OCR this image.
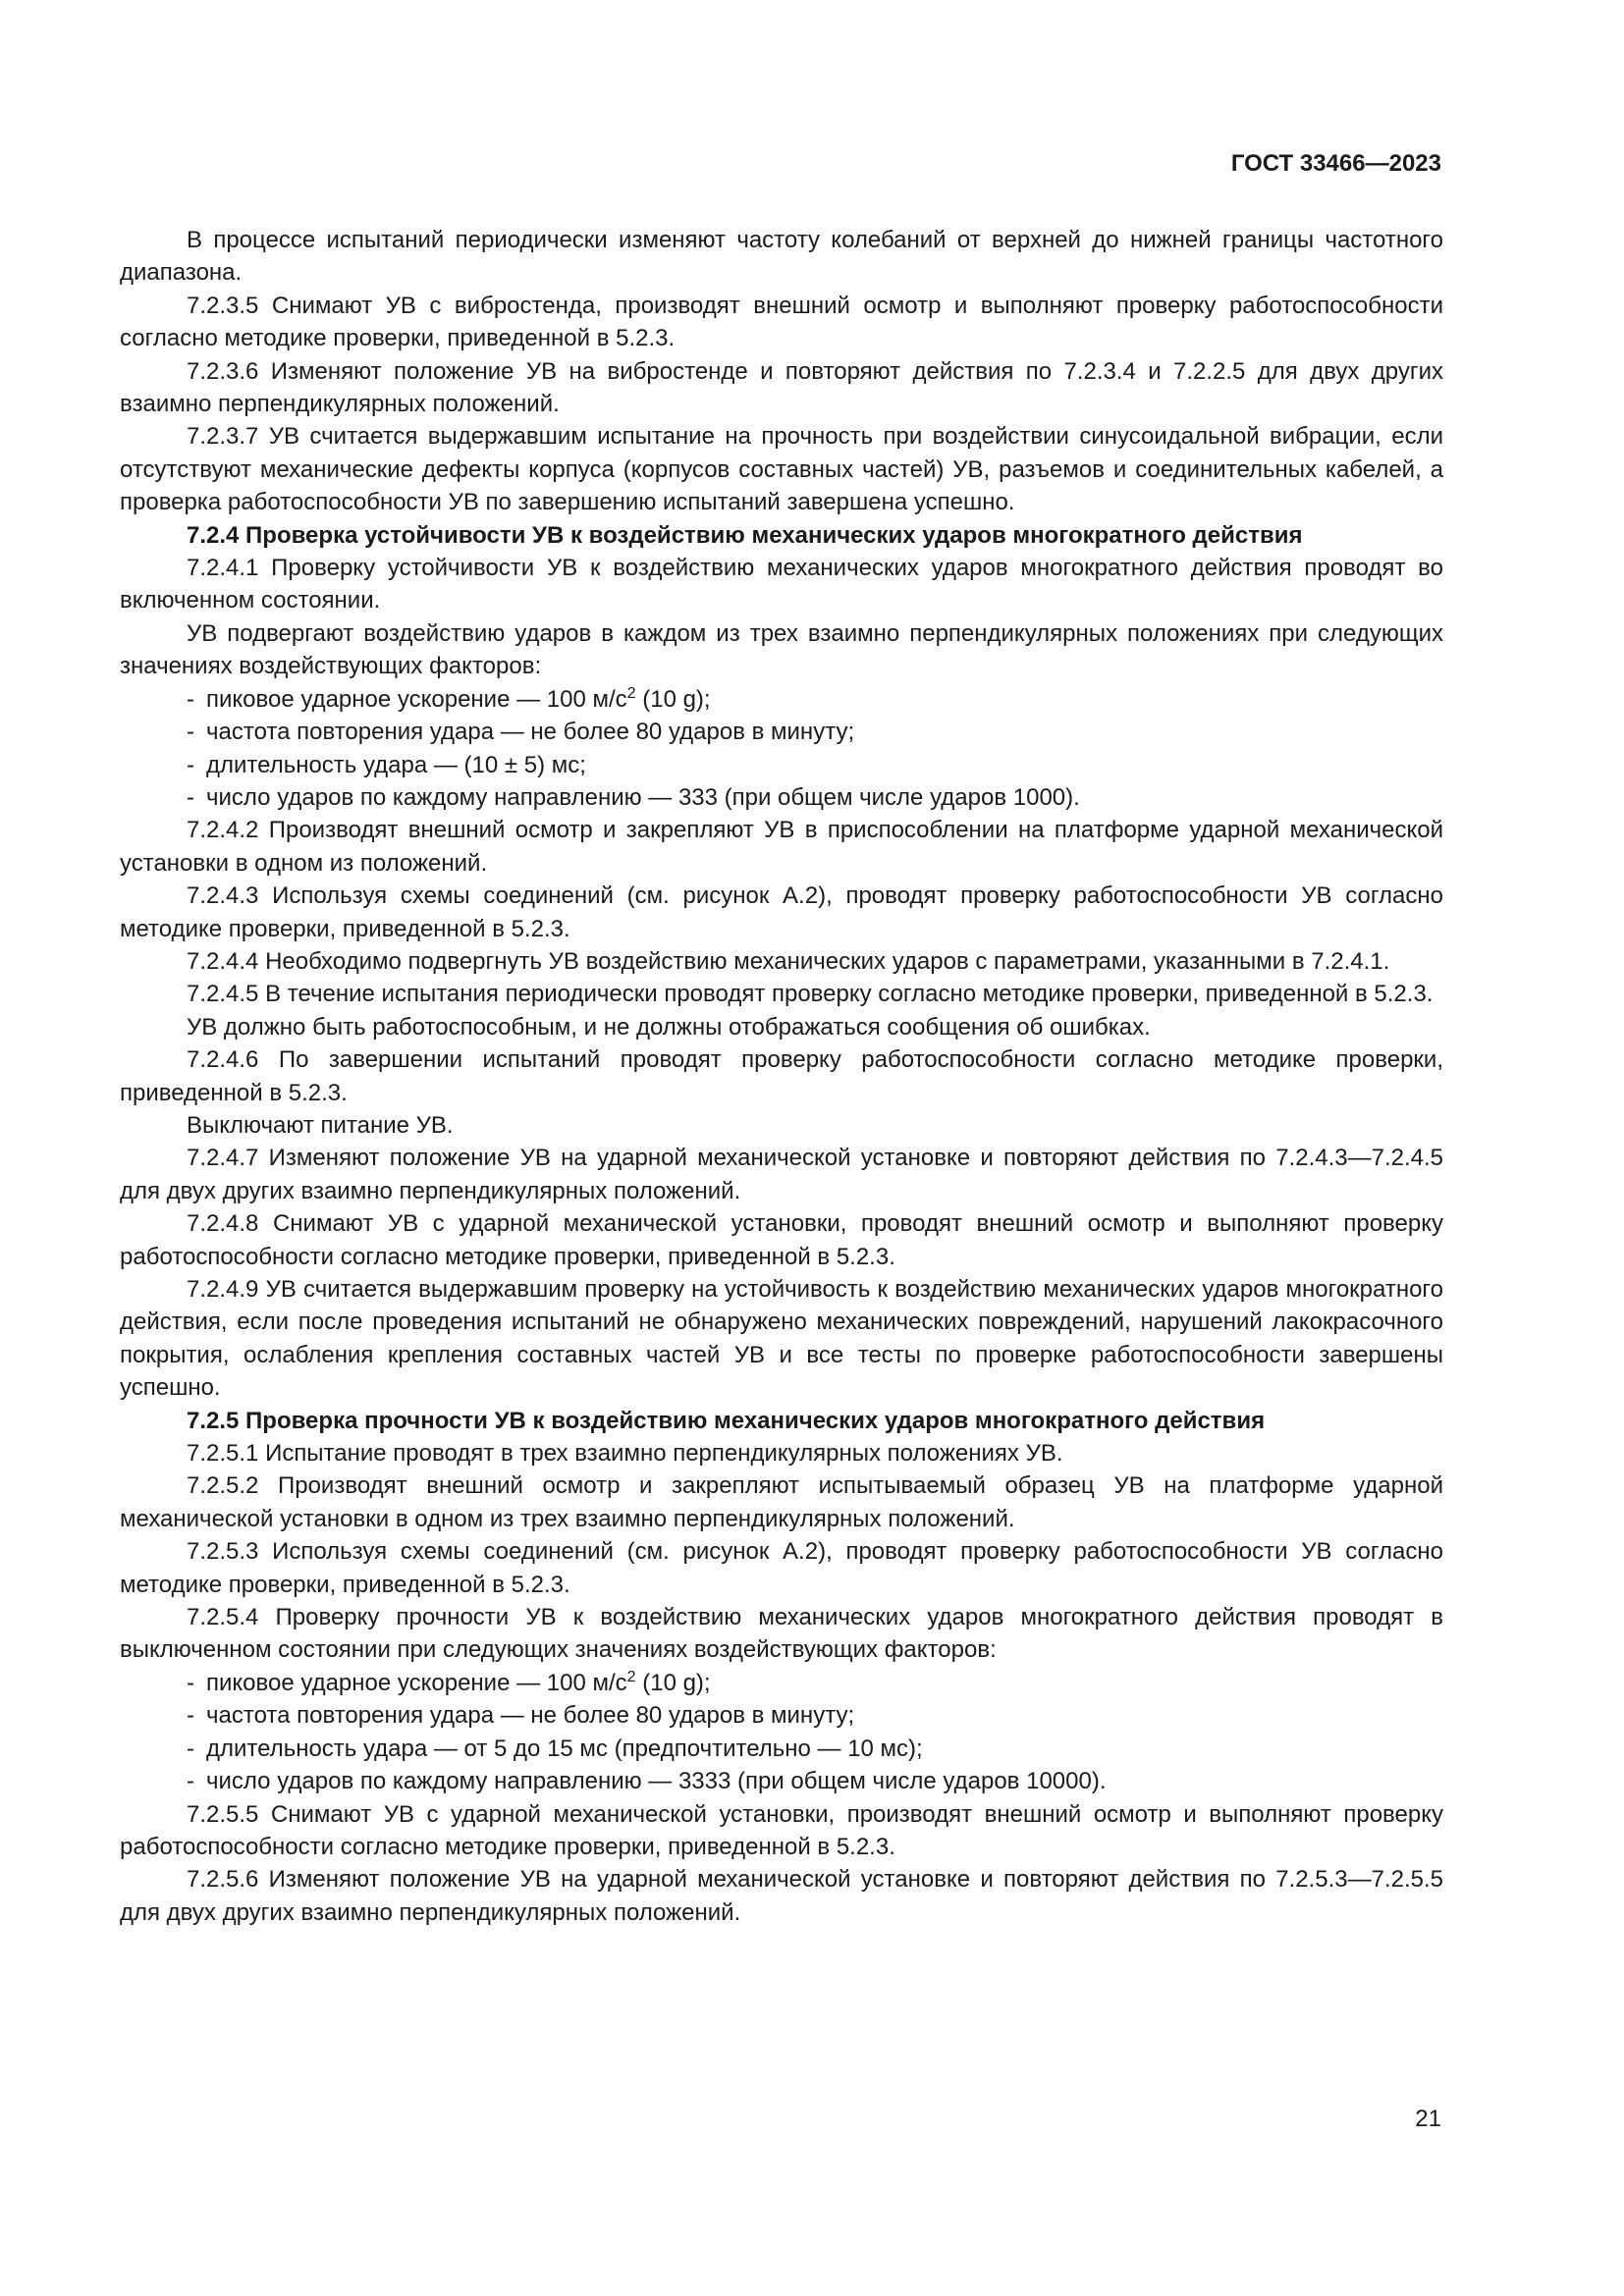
ГОСТ 33466—2023

В процессе испытаний периодически изменяют частоту колебаний от верхней до нижней границы частотного диапазона.

7.2.3.5 Снимают УВ с вибростенда, производят внешний осмотр и выполняют проверку работоспособности согласно методике проверки, приведенной в 5.2.3.

7.2.3.6 Изменяют положение УВ на вибростенде и повторяют действия по 7.2.3.4 и 7.2.2.5 для двух других взаимно перпендикулярных положений.

7.2.3.7 УВ считается выдержавшим испытание на прочность при воздействии синусоидальной вибрации, если отсутствуют механические дефекты корпуса (корпусов составных частей) УВ, разъемов и соединительных кабелей, а проверка работоспособности УВ по завершению испытаний завершена успешно.

7.2.4 Проверка устойчивости УВ к воздействию механических ударов многократного действия

7.2.4.1 Проверку устойчивости УВ к воздействию механических ударов многократного действия проводят во включенном состоянии.

УВ подвергают воздействию ударов в каждом из трех взаимно перпендикулярных положениях при следующих значениях воздействующих факторов:

- пиковое ударное ускорение — 100 $м/с^2$ (10 g);

- частота повторения удара — не более 80 ударов в минуту;

- длительность удара — (10 ± 5) мс;

- число ударов по каждому направлению — 333 (при общем числе ударов 1000).

7.2.4.2 Производят внешний осмотр и закрепляют УВ в приспособлении на платформе ударной механической установки в одном из положений.

7.2.4.3 Используя схемы соединений (см. рисунок А.2), проводят проверку работоспособности УВ согласно методике проверки, приведенной в 5.2.3.

7.2.4.4 Необходимо подвергнуть УВ воздействию механических ударов с параметрами, указанными в 7.2.4.1.

7.2.4.5 В течение испытания периодически проводят проверку согласно методике проверки, приведенной в 5.2.3.

УВ должно быть работоспособным, и не должны отображаться сообщения об ошибках.

7.2.4.6 По завершении испытаний проводят проверку работоспособности согласно методике проверки, приведенной в 5.2.3.

Выключают питание УВ.

7.2.4.7 Изменяют положение УВ на ударной механической установке и повторяют действия по 7.2.4.3—7.2.4.5 для двух других взаимно перпендикулярных положений.

7.2.4.8 Снимают УВ с ударной механической установки, проводят внешний осмотр и выполняют проверку работоспособности согласно методике проверки, приведенной в 5.2.3.

7.2.4.9 УВ считается выдержавшим проверку на устойчивость к воздействию механических ударов многократного действия, если после проведения испытаний не обнаружено механических повреждений, нарушений лакокрасочного покрытия, ослабления крепления составных частей УВ и все тесты по проверке работоспособности завершены успешно.

7.2.5 Проверка прочности УВ к воздействию механических ударов многократного действия

7.2.5.1 Испытание проводят в трех взаимно перпендикулярных положениях УВ.

7.2.5.2 Производят внешний осмотр и закрепляют испытываемый образец УВ на платформе ударной механической установки в одном из трех взаимно перпендикулярных положений.

7.2.5.3 Используя схемы соединений (см. рисунок А.2), проводят проверку работоспособности УВ согласно методике проверки, приведенной в 5.2.3.

7.2.5.4 Проверку прочности УВ к воздействию механических ударов многократного действия проводят в выключенном состоянии при следующих значениях воздействующих факторов:

- пиковое ударное ускорение — 100 $м/с^2$ (10 g);

- частота повторения удара — не более 80 ударов в минуту;

- длительность удара — от 5 до 15 мс (предпочтительно — 10 мс);

- число ударов по каждому направлению — 3333 (при общем числе ударов 10000).

7.2.5.5 Снимают УВ с ударной механической установки, производят внешний осмотр и выполняют проверку работоспособности согласно методике проверки, приведенной в 5.2.3.

7.2.5.6 Изменяют положение УВ на ударной механической установке и повторяют действия по 7.2.5.3—7.2.5.5 для двух других взаимно перпендикулярных положений.

21
